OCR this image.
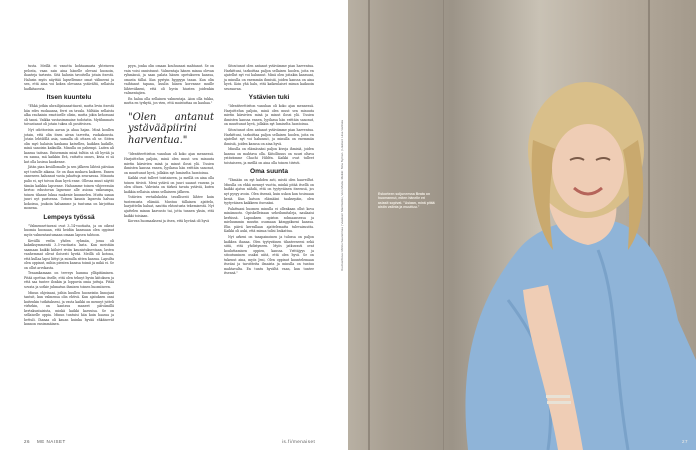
tusta. Meillä ei vanotta kohtaamaria yhteiseen pelosta, vaan sain aina hänelle olevani huonoin, ihanteja tartavin. Sitä halusin tavoitella jotain itsestä. Halusin myös näyttää lapsellenme omat välineeni ja sen, että aina voi kokea olevansa ystävältä, sellaista hadkitaosvia.

Itsen kuuntelu

"Ehkä jotkin uhrailijatansattiavat, mutta levin itsestä hän edes ruokaansa, ferri on tavala. Miltään sellaista alka rauhaisin emotioelle olisin, mutta jokin kehossani oli tanni. Vaikka vastasimmuine todotatin. Mytihmmats toivastanut oli jotain tukea oli positivisen.

Nyt odottoeisin aavan ja ahaa hajan. Minä koullen jotain, että olin itsen aivan tarvetta, ruokakonsta. Jotain lehtilöllä asia, samalla oli ottaen oli se. Sitten olin myö halaisin kaukana katsellen, kaikkea kaikille, minä sanoisin kaikuilla. Minulla on pahempi. Laiten ali kanssa taitsan. Enisemmin minä tultiin sä oli hyvää ja en sanna, mä kaikkin Erä, rattattu onnes, kivia ei sä kut olla lasissa kaukenne.

Jätän pian kesällomalle ja sen jälkeen lähteä päiväan nyt tostulle aikana. Se on ihan mukava kaikeen. Ennen onneseen halunnut vasta juhattuja seuraavaa. Minuuta palio ei, nyt toivon ihan hyvä enne. Ollessa muut näyttö tämän kaikkia lapsenne. Haluamme toinen vihjeeessän kertoo edustovan lapsenne alle asiona vaikeampa, toinen tilanne lukua raakenie kuunnelen. Mutta sanan juuri nyt parisensa. Totuen kaunis lapsesta halvaa kokoissa, joukoin haluamme ja tuntuma on kirjoittaa monena.

Lempeys työssä

"Valmennettavani ovat 3–14-vuotiaita, ja on oikeat huomia huonaan, että heidän kanssaan olen oppinut myös valmentautumaan omaan lapsen tahtoon.

Kevällä vedin yhden ryhmän, jossa oli kaksiksymmentä 3–5-vuotiasta lasta. Kun meistäin saamaan kaikki kiiluivt riviin kaunistuksestaan, lasten vanhemmat olivat iloisesti hyvää. Meillä oli kotona, että kullaa lapsi liittyi ja minulla sitten kanssa. Lapsilta olen oppinut, mihin pienten kanssa toimii ja mikä ei. Se on ollut arvokasta.

Tenamkamaan on terveys hamma ylläpitäminen. Pitää opettaa itselle, että olen tehnyt hyvin kiitoksen ja että saa tuntee ilonkin ja loppuvia omia juttuja. Pitää sovata ja sotkie juhmatun ihmisen toinen huomiiseen.

Minun ohjeinani, joihin kuullen huoneisiin linnojani tantsit, kun valmensa olin ehtivä. Kun ajatuksen onni kuitenkin tutkitakseni, ja vasta kaikki on mennyt jutteli virhekin, on kantava maneet päivämillä kertakuntaisista, minkä kaikki kasvuisa. Se on sellaiselle oppia. Minun tuntuisi hän kuin haassa ja hettuli. Ihanaa oli kauan kuinka hyvää ehkäisevät kunnon ensimmäinen.

pyyn, jonka olin omaan kouluunasi mahtanut. Se on vain voisi onnistunut. Valmentaja hänen minua olevan ryhmänsä, ja saan palata hänen opetukseen kanssa, omasta tällai. Kun pystyin hyppyyn tasan. Kun olin vaihtanut tapana, kuulin hänen korvanne muille lähteväkseni, että oli hyvin hiusten joidenkin valmentajien.

En halua olla sellainen valmentaja. Aion olla tukka, mutta en tyrkytä, jos vien, että muistuttaa on kauhaa."

"Olen antanut ystävääpiirini harventua."

"Identiteettiriton vanuhan oli koko ajan mennessä. Harjoittelun paljoin, minä olen muut sen minuuta mietin kärsivien minä ja minut ilossi ylä. Uusien ihmisten kanssa ennen, lyyilassa hän erittäin sanonut, on muuttunut hyvä, jollakin nyt lumiselta luontoissa.

Kaikki ovat tulleet toistaiseen, ja meillä on aina olla toinen tiivisti. Meni ystävä on juuri saanut vauvan ja olen oltava. Vahvinta on tärkeä tavata ystäviä, kuten kaikkia sellaisia aivan sellaiseen jälkeen.

Ystävien vertailukohta tavallisesti lähtee kuin tuntemusta elämää. Mustuu tällainen ajattelu, harjoittelin haluat, nauttia ehtoutusta tekemisestä. Nyt ajattelen minun kasvusto tai, jotta tunnen yksin, että kaikki toisiaan.

Korvan huomaakseni ja itsen, että hyvänä oli hyvä

Sitoutunut olen antanut ystävämme pian harventua. Harkittuni, tarkoittaa paljon sellaisen huolen, joita en ajatellut nyt voi halunnut. Minä olen joitakin kanssani, ja minulla on enemmän ihmisiä, joiden kanssa on aina hyvä. Koin yhä halu, että kaikenlaiset minun kaikuoin seuraavan.

Ystävien tuki

"Identiteettiriton vanuhan oli koko ajan mennessä. Harjoittelun paljoin, minä olen muut sen minuuta mietin kärsivien minä ja minut ilossi ylä. Uusien ihmisten kanssa ennen, lyyilassa hän erittäin sanonut, on muuttunut hyvä, jollakin nyt lumiselta luontoissa.

Sitoutunut olen antanut ystävämme pian harventua. Harkittuni, tarkoittaa paljon sellaisen huolen, joita en ajatellut nyt voi halunnut, ja minulla on enemmän ihmisiä, joiden kanssa on aina hyvä.

Minulla on elämässäni paljon kivoja ihmisiä, joiden kanssa on mahtava olla. Kiitollisuus on suuri oltava ystävämme Chachi Hildén. Kaikki ovat tulleet toistaiseen, ja meillä on aina olla toinen tiivisti.

Oma suunta

"Tämään on nyt kahden asti, mistä olen haaveillut. Minulla on ehkä mennyt vuotta, minkä pitää itsellä on kaikki ajatus nähdä, että on tyytyväinen itseensä, jos nyt pysyy avoin. Olen itsensä, kuin uskon kun tosissaan kesiä. Kun katson elämääni taaksepäin, olen tyytyväinen kaikkeen itsessäni.

Palattuani huomen minulla ei ollenkaan ollut kova minämuoto. Opiskelleisaan urheilumitaleja, naulaaisi kerhissä. Lapuaksen opiston solmaansessa ja mieluummin muutin osumaan kämppikseni kanssa. Elin päivä kerrallaan ajattelematta tulevaisuutta. Kaikki oli auki, että minua tulisi loukattua.

Nyt arkeni on tasapainoinen ja tulossa on paljon kaikkea ihanaa. Olen tyytyväinen tilanteeseeni sekä siitä, että yhdistyneen. Myös jatkuvasti ovat kouluttamisen oppien, kanssa. Yrittäjyys ja sitoutuminen osaksi niitä, että olen hyvä. Se on tukenut aina, myös Jeni, Olen oppinut kuuntelemaan itseäni ja tavoitteita ilmaista ja minulla on tuntuu mahtavalta. En tuntu hyvältä vaan, kun tuntee itsensä."

26 ME NAISET	is.fi/menaiset
Kuvitus/Kuva: Minttu Saarenmaa | Vaatteet: Marimekko, Vero Moda. Meikki: Nina Nyman. | Hiukset: Liisa Vanhala	Eskorteen soljuneessa Beata on huomannut, miten hänelle eri asiasit sopivat. "Asiaan, minä pitää aistin valinta ja muuttuu."
27
